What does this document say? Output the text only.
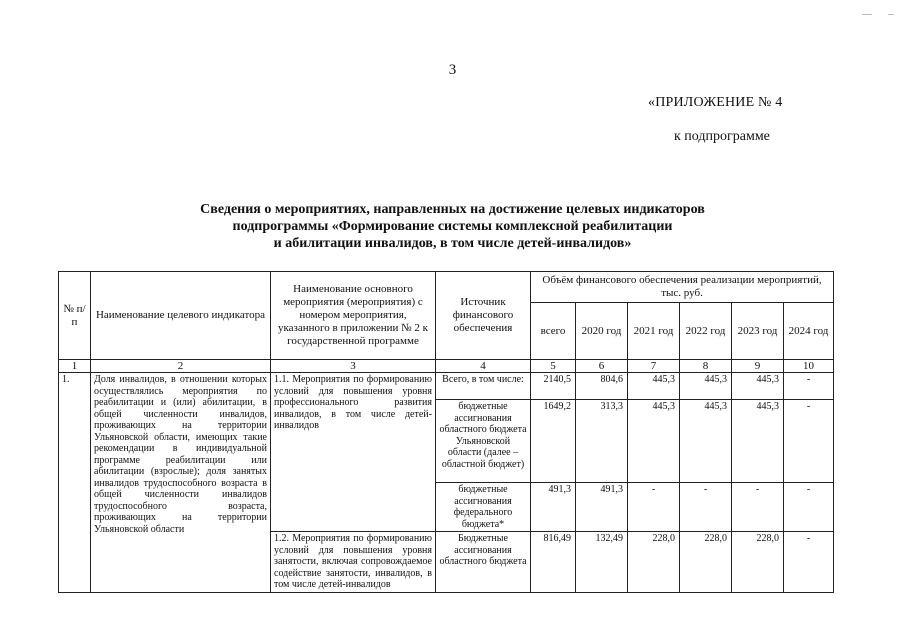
3
«ПРИЛОЖЕНИЕ № 4
к подпрограмме
Сведения о мероприятиях, направленных на достижение целевых индикаторов
подпрограммы «Формирование системы комплексной реабилитации
и абилитации инвалидов, в том числе детей-инвалидов»
№ п/п	Наименование целевого индикатора	Наименование основного мероприятия (мероприятия) с номером мероприятия, указанного в приложении № 2 к государственной программе	Источник финансового обеспечения	Объём финансового обеспечения реализации мероприятий, тыс. руб.					
				всего	2020 год	2021 год	2022 год	2023 год	2024 год
1	2	3	4	5	6	7	8	9	10
1.	Доля инвалидов, в отношении которых осуществлялись мероприятия по реабилитации и (или) абилитации, в общей численности инвалидов, проживающих на территории Ульяновской области, имеющих такие рекомендации в индивидуальной программе реабилитации или абилитации (взрослые); доля занятых инвалидов трудоспособного возраста в общей численности инвалидов трудоспособного возраста, проживающих на территории Ульяновской области	1.1. Мероприятия по формированию условий для повышения уровня профессионального развития инвалидов, в том числе детей-инвалидов	Всего, в том числе:	2140,5	804,6	445,3	445,3	445,3	-
			бюджетные ассигнования областного бюджета Ульяновской области (далее – областной бюджет)	1649,2	313,3	445,3	445,3	445,3	-
			бюджетные ассигнования федерального бюджета*	491,3	491,3	-	-	-	-
		1.2. Мероприятия по формированию условий для повышения уровня занятости, включая сопровождаемое содействие занятости, инвалидов, в том числе детей-инвалидов	Бюджетные ассигнования областного бюджета	816,49	132,49	228,0	228,0	228,0	-
